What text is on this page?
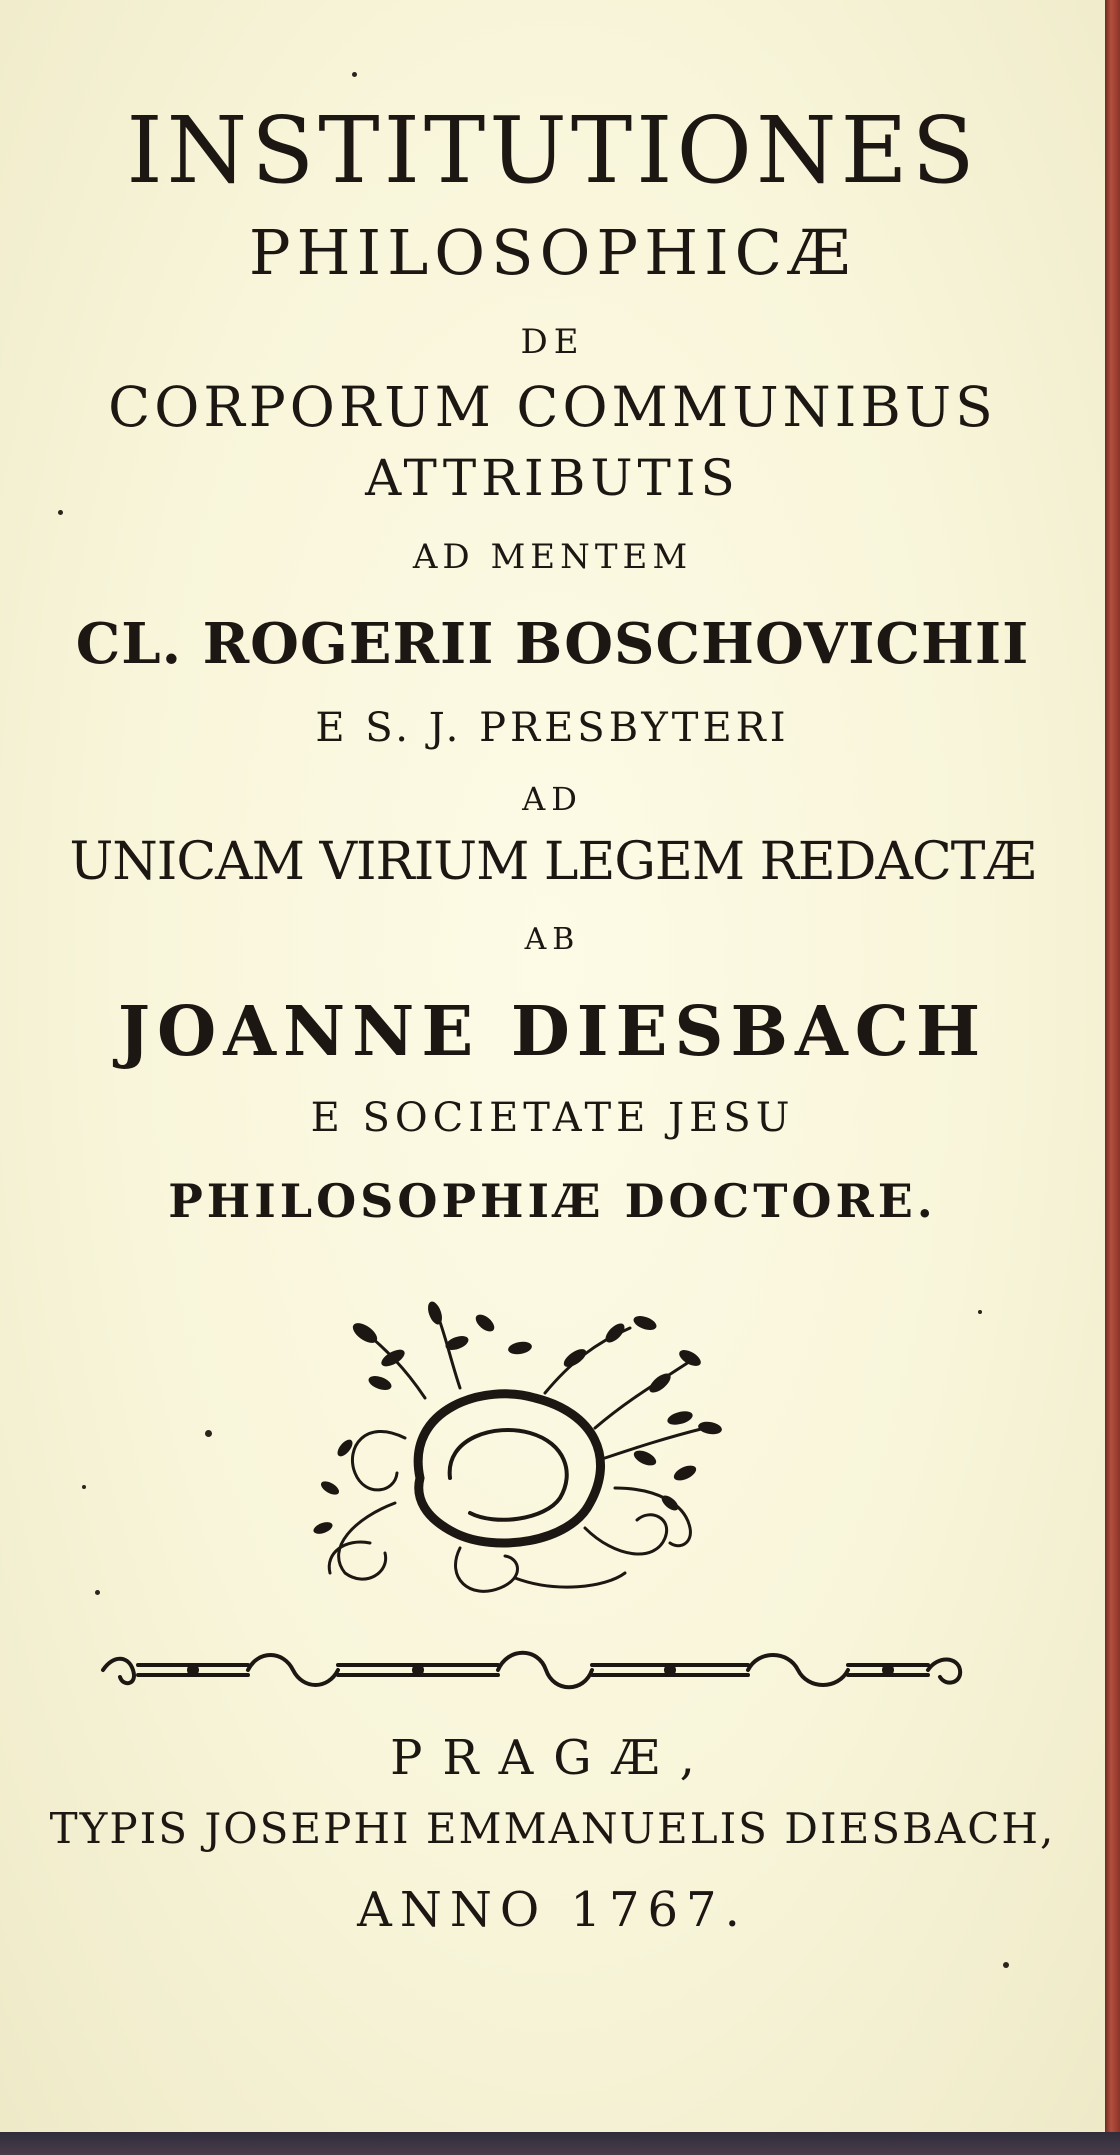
INSTITUTIONES
PHILOSOPHICÆ
DE
CORPORUM COMMUNIBUS
ATTRIBUTIS
AD MENTEM
CL. ROGERII BOSCHOVICHII
E S. J. PRESBYTERI
AD
UNICAM VIRIUM LEGEM REDACTÆ
AB
JOANNE DIESBACH
E SOCIETATE JESU
PHILOSOPHIÆ DOCTORE.
PRAGÆ,
TYPIS JOSEPHI EMMANUELIS DIESBACH,
ANNO 1767.
